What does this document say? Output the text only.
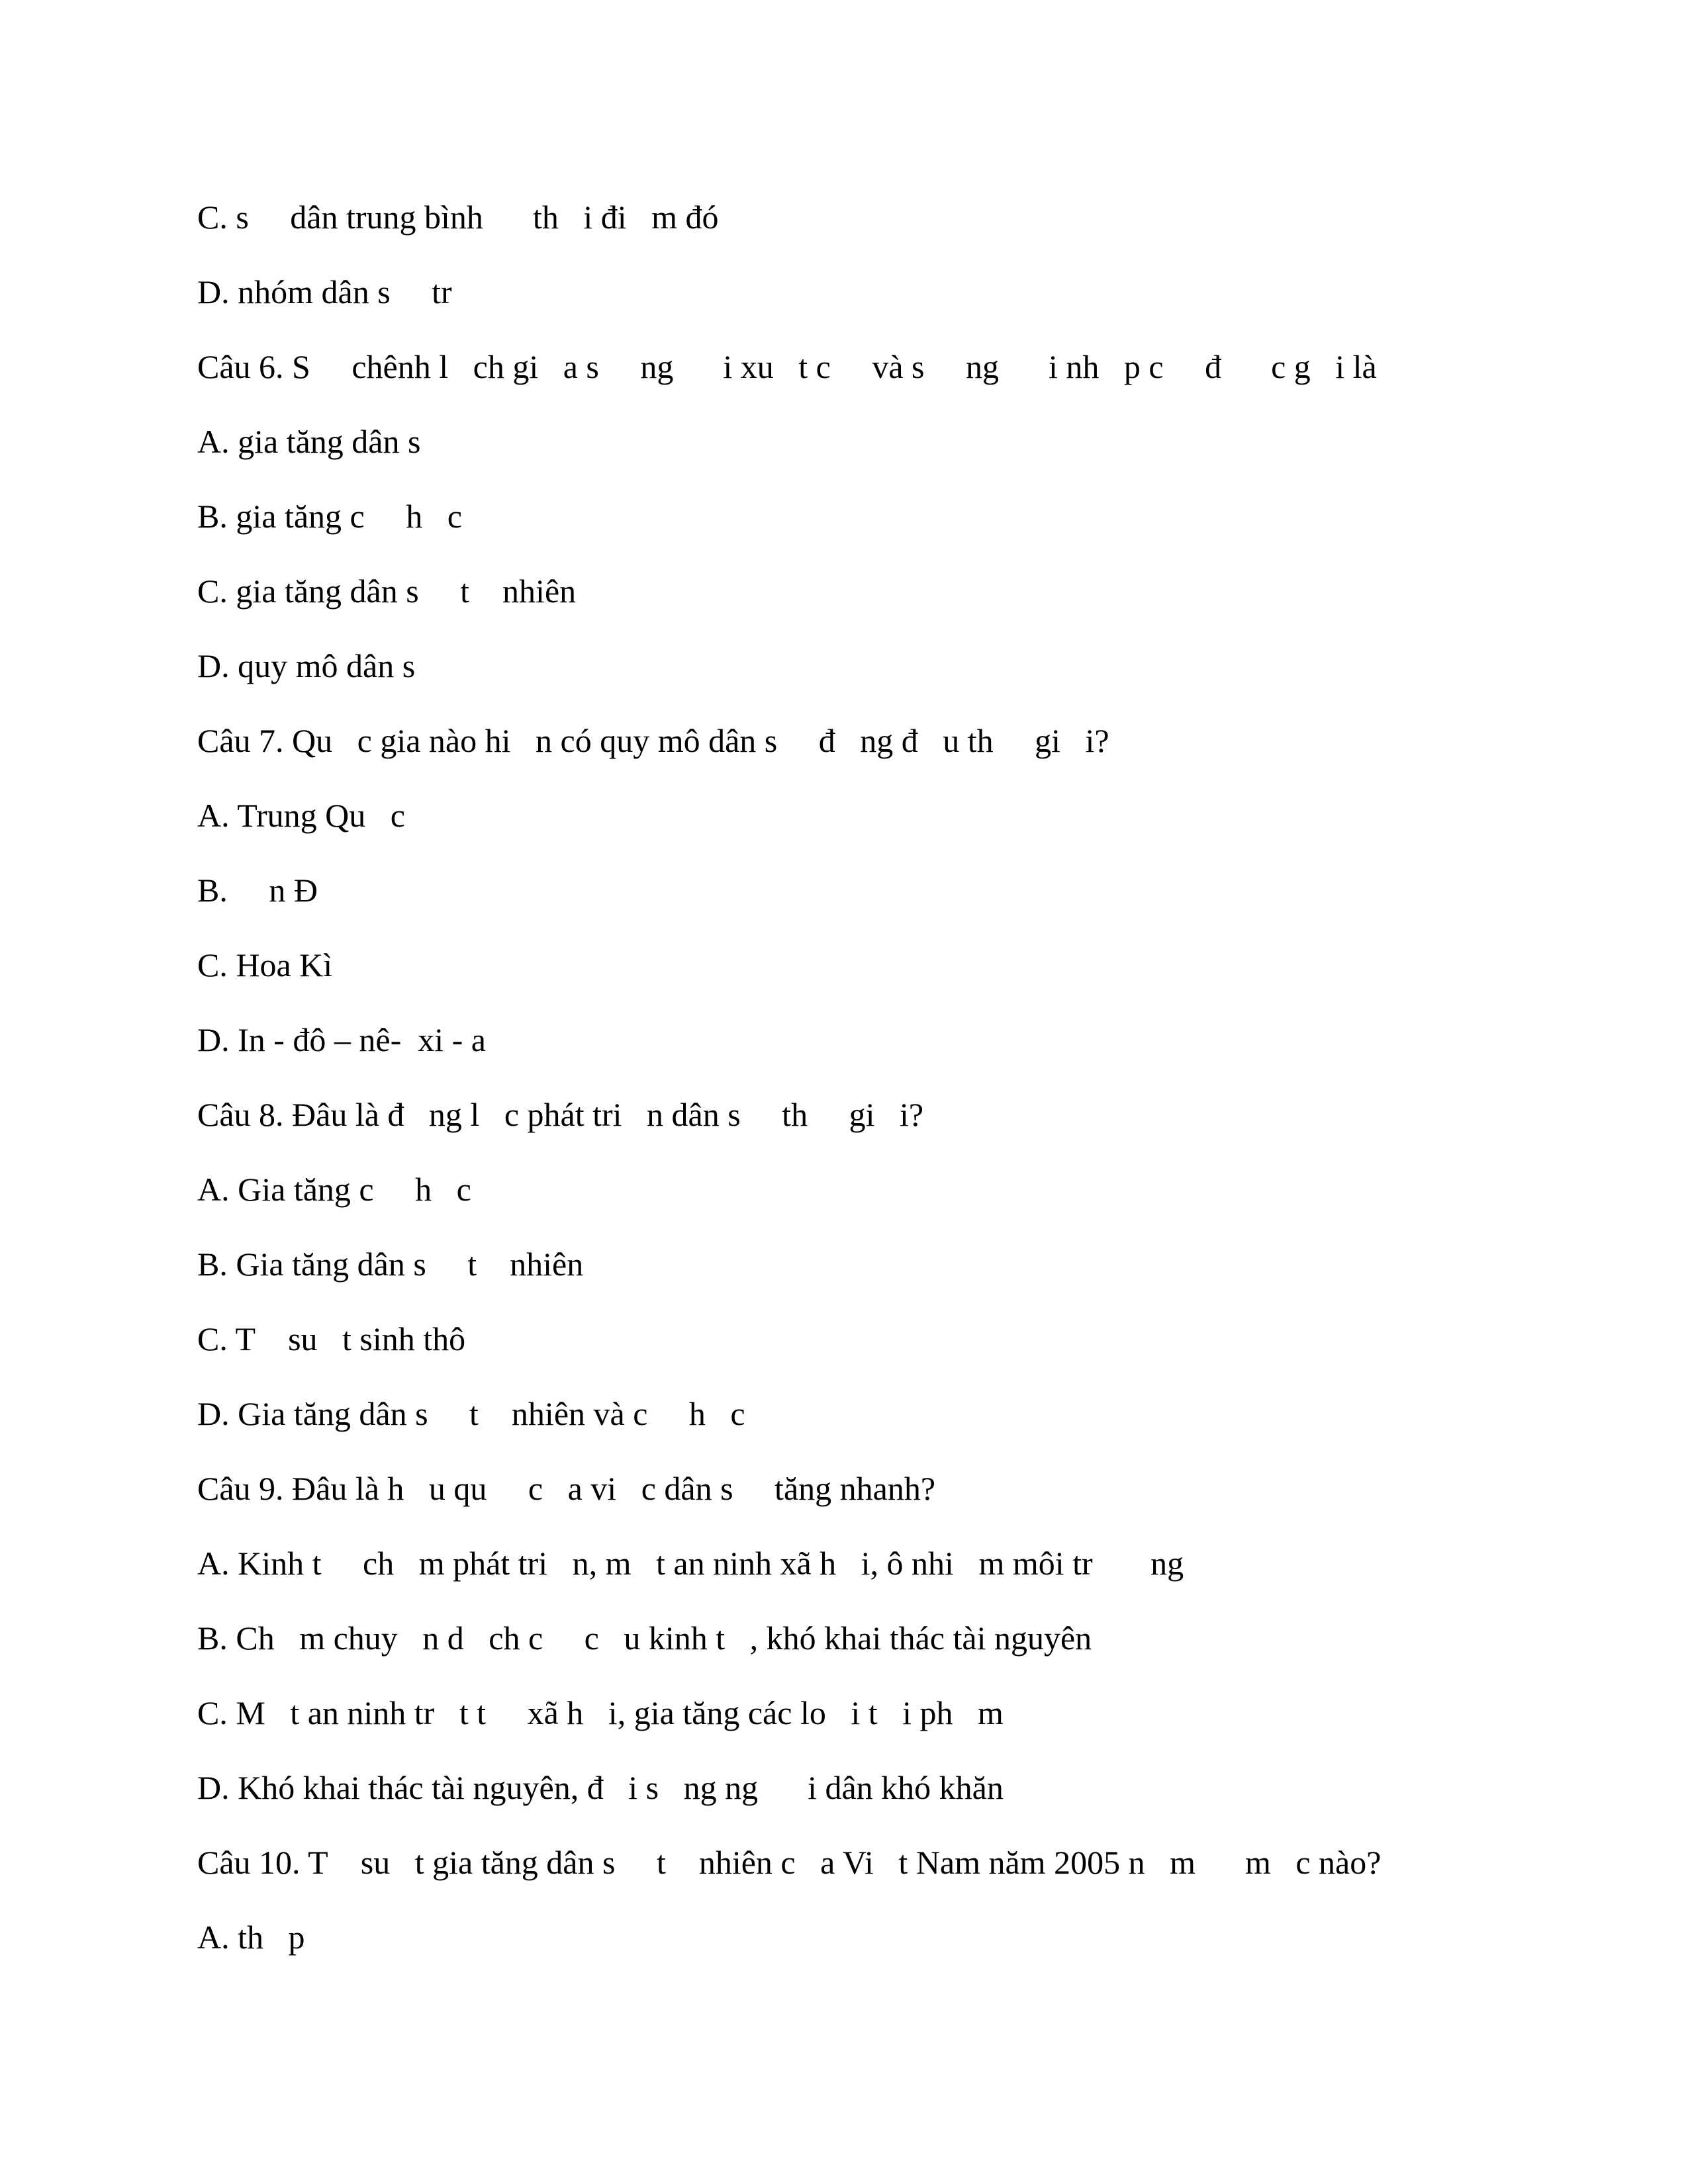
C. s     dân trung bình      th   i đi   m đó

D. nhóm dân s     tr

Câu 6. S     chênh l   ch gi   a s     ng      i xu   t c     và s     ng      i nh   p c     đ      c g   i là

A. gia tăng dân s

B. gia tăng c     h   c

C. gia tăng dân s     t    nhiên

D. quy mô dân s

Câu 7. Qu   c gia nào hi   n có quy mô dân s     đ   ng đ   u th     gi   i?

A. Trung Qu   c

B.     n Đ

C. Hoa Kì

D. In - đô – nê-  xi - a

Câu 8. Đâu là đ   ng l   c phát tri   n dân s     th     gi   i?

A. Gia tăng c     h   c

B. Gia tăng dân s     t    nhiên

C. T    su   t sinh thô

D. Gia tăng dân s     t    nhiên và c     h   c

Câu 9. Đâu là h   u qu     c   a vi   c dân s     tăng nhanh?

A. Kinh t     ch   m phát tri   n, m   t an ninh xã h   i, ô nhi   m môi tr       ng

B. Ch   m chuy   n d   ch c     c   u kinh t   , khó khai thác tài nguyên

C. M   t an ninh tr   t t     xã h   i, gia tăng các lo   i t   i ph   m

D. Khó khai thác tài nguyên, đ   i s   ng ng      i dân khó khăn

Câu 10. T    su   t gia tăng dân s     t    nhiên c   a Vi   t Nam năm 2005 n   m      m   c nào?

A. th   p
